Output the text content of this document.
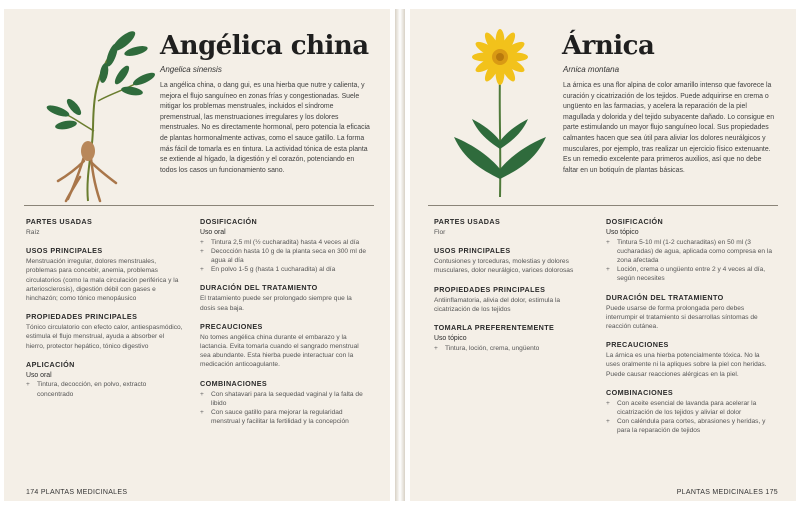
Angélica china
Angelica sinensis

La angélica china, o dang gui, es una hierba que nutre y calienta, y mejora el flujo sanguíneo en zonas frías y congestionadas. Suele mitigar los problemas menstruales, incluidos el síndrome premenstrual, las menstruaciones irregulares y los dolores menstruales. No es directamente hormonal, pero potencia la eficacia de plantas hormonalmente activas, como el sauce gatillo. La forma más fácil de tomarla es en tintura. La actividad tónica de esta planta se extiende al hígado, la digestión y el corazón, potenciando en todos los casos un funcionamiento sano.

PARTES USADAS

Raíz

USOS PRINCIPALES

Menstruación irregular, dolores menstruales, problemas para concebir, anemia, problemas circulatorios (como la mala circulación periférica y la arteriosclerosis), digestión débil con gases e hinchazón; como tónico menopáusico

PROPIEDADES PRINCIPALES

Tónico circulatorio con efecto calor, antiespasmódico, estimula el flujo menstrual, ayuda a absorber el hierro, protector hepático, tónico digestivo

APLICACIÓN

Uso oral

+ Tintura, decocción, en polvo, extracto concentrado

DOSIFICACIÓN

Uso oral

+ Tintura 2,5 ml (½ cucharadita) hasta 4 veces al día
+ Decocción hasta 10 g de la planta seca en 300 ml de agua al día
+ En polvo 1-5 g (hasta 1 cucharadita) al día

DURACIÓN DEL TRATAMIENTO

El tratamiento puede ser prolongado siempre que la dosis sea baja.

PRECAUCIONES

No tomes angélica china durante el embarazo y la lactancia. Evita tomarla cuando el sangrado menstrual sea abundante. Esta hierba puede interactuar con la medicación anticoagulante.

COMBINACIONES

+ Con shatavari para la sequedad vaginal y la falta de libido
+ Con sauce gatillo para mejorar la regularidad menstrual y facilitar la fertilidad y la concepción
174 PLANTAS MEDICINALES
Árnica
Arnica montana

La árnica es una flor alpina de color amarillo intenso que favorece la curación y cicatrización de los tejidos. Puede adquirirse en crema o ungüento en las farmacias, y acelera la reparación de la piel magullada y dolorida y del tejido subyacente dañado. Lo consigue en parte estimulando un mayor flujo sanguíneo local. Sus propiedades calmantes hacen que sea útil para aliviar los dolores neurálgicos y musculares, por ejemplo, tras realizar un ejercicio físico extenuante. Es un remedio excelente para primeros auxilios, así que no debe faltar en un botiquín de plantas básicas.

PARTES USADAS

Flor

USOS PRINCIPALES

Contusiones y torceduras, molestias y dolores musculares, dolor neurálgico, varices dolorosas

PROPIEDADES PRINCIPALES

Antiinflamatoria, alivia del dolor, estimula la cicatrización de los tejidos

TOMARLA PREFERENTEMENTE

Uso tópico

+ Tintura, loción, crema, ungüento

DOSIFICACIÓN

Uso tópico

+ Tintura 5-10 ml (1-2 cucharaditas) en 50 ml (3 cucharadas) de agua, aplicada como compresa en la zona afectada
+ Loción, crema o ungüento entre 2 y 4 veces al día, según necesites

DURACIÓN DEL TRATAMIENTO

Puede usarse de forma prolongada pero debes interrumpir el tratamiento si desarrollas síntomas de reacción cutánea.

PRECAUCIONES

La árnica es una hierba potencialmente tóxica. No la uses oralmente ni la apliques sobre la piel con heridas. Puede causar reacciones alérgicas en la piel.

COMBINACIONES

+ Con aceite esencial de lavanda para acelerar la cicatrización de los tejidos y aliviar el dolor
+ Con caléndula para cortes, abrasiones y heridas, y para la reparación de tejidos
PLANTAS MEDICINALES 175
